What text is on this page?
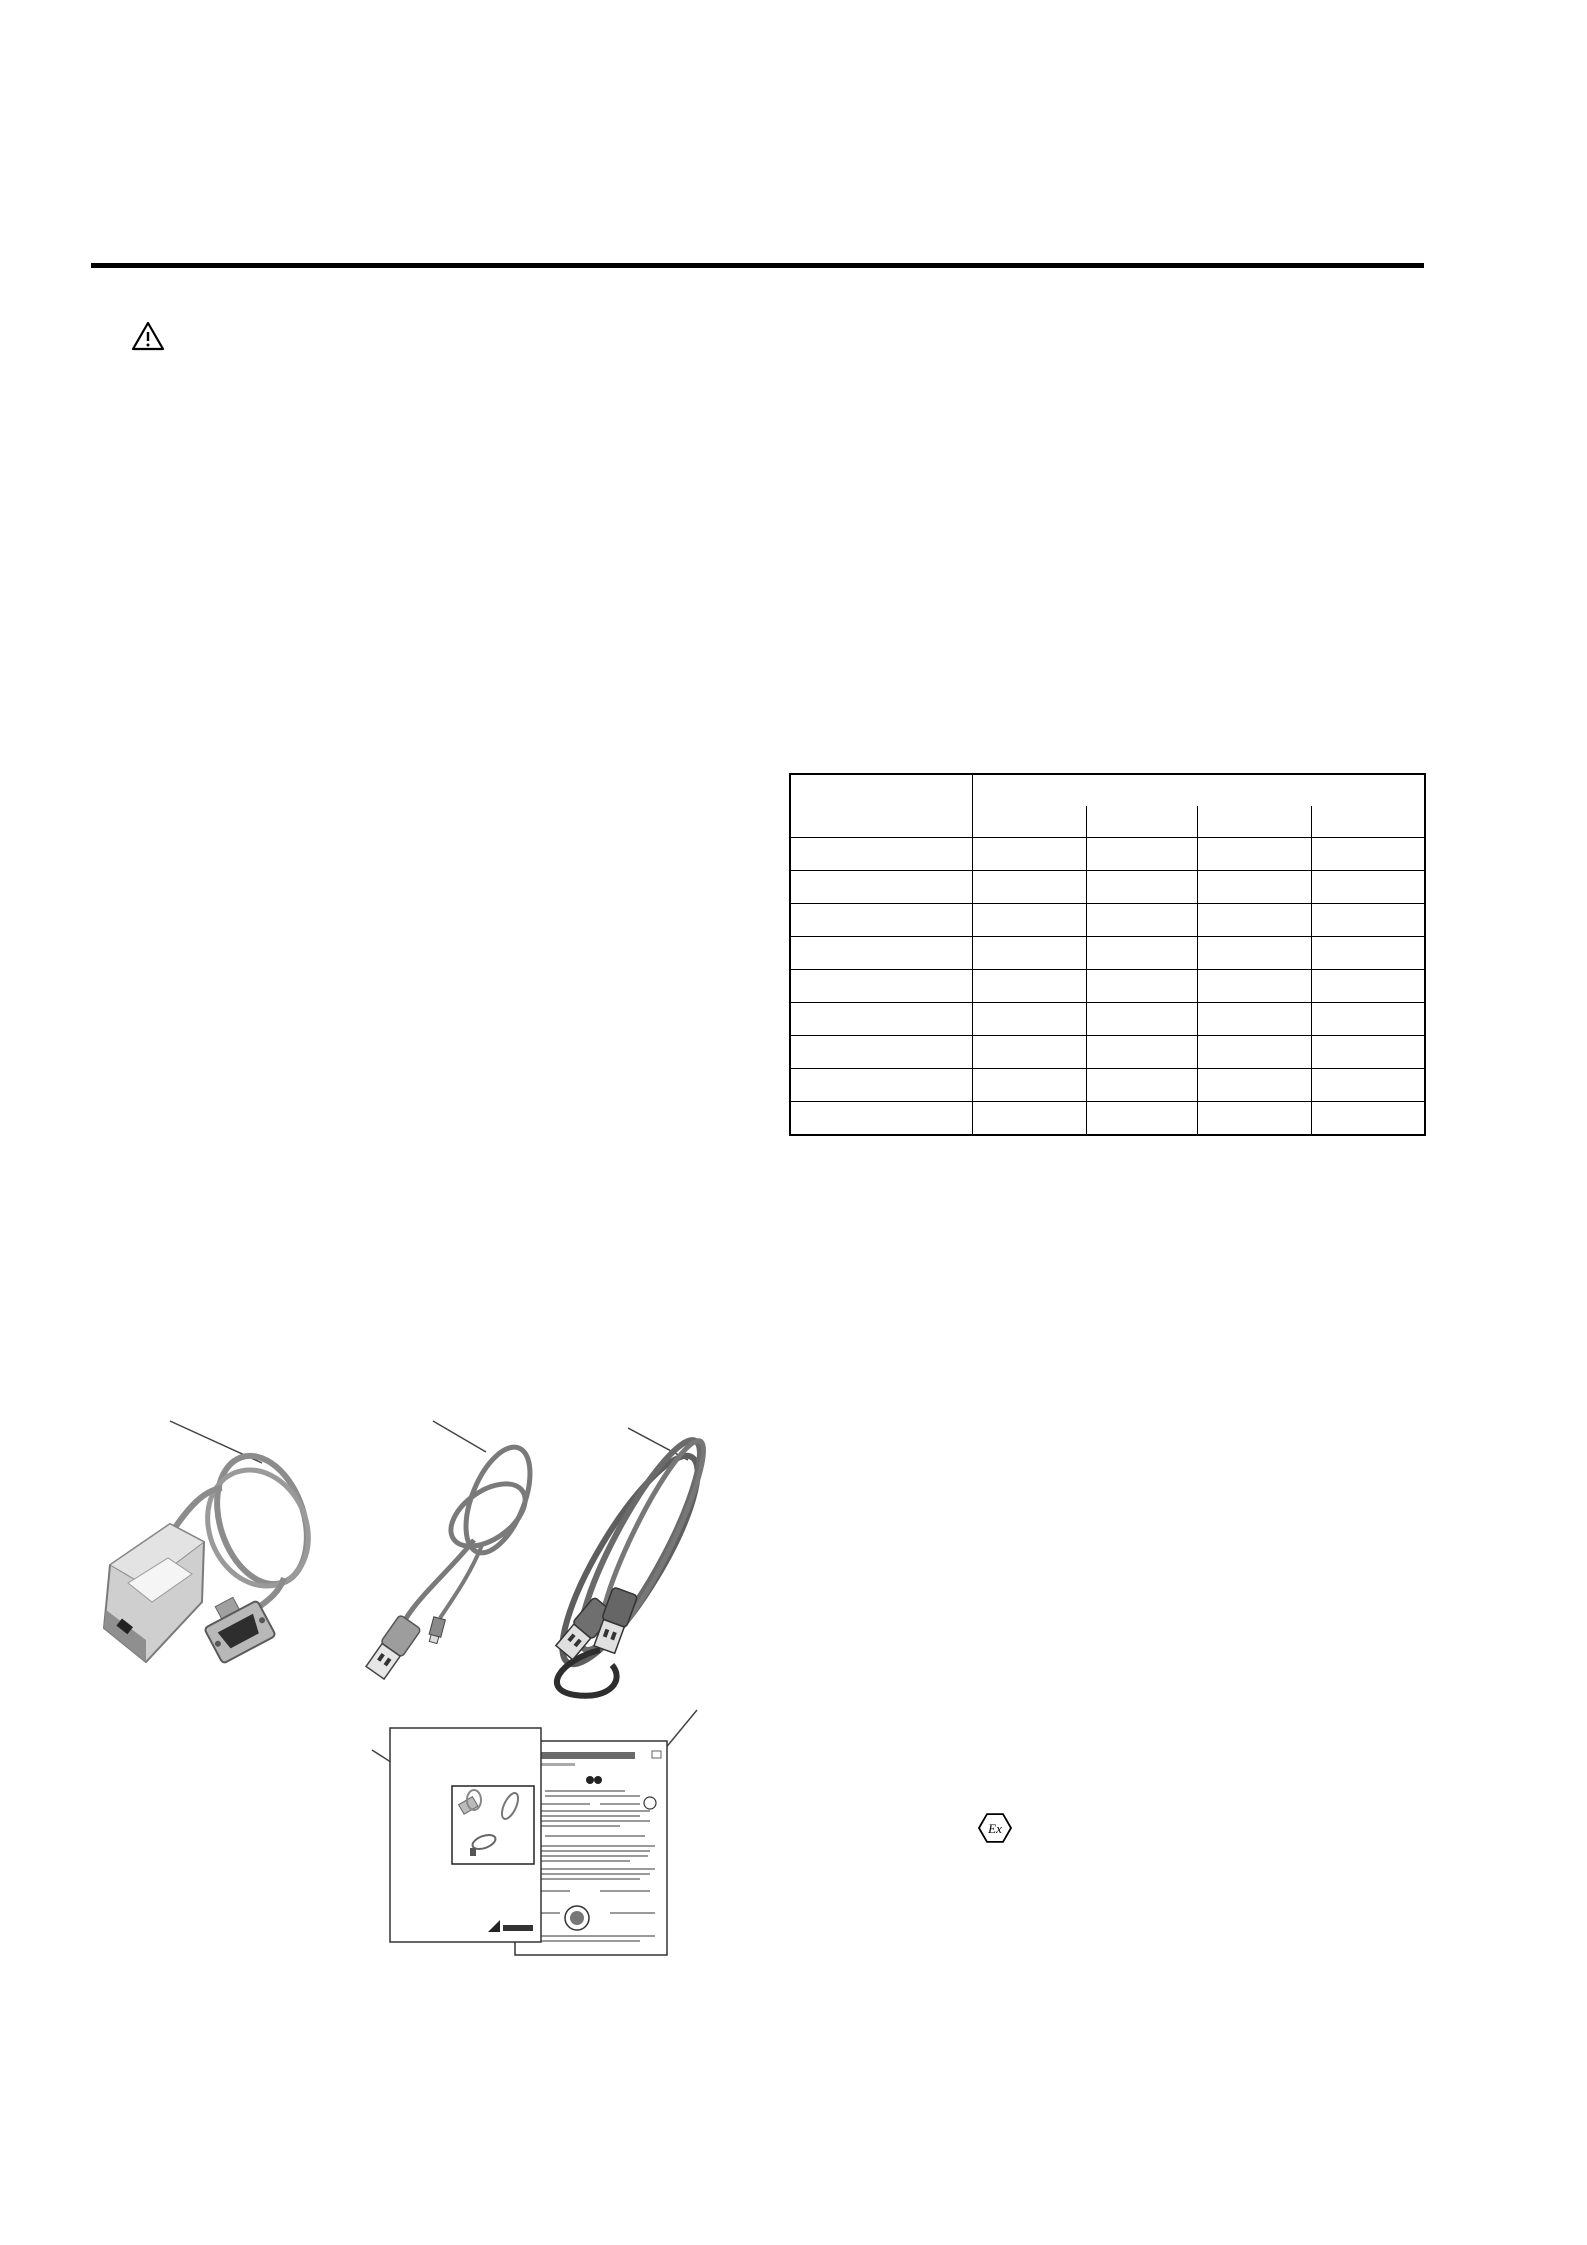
Ex
